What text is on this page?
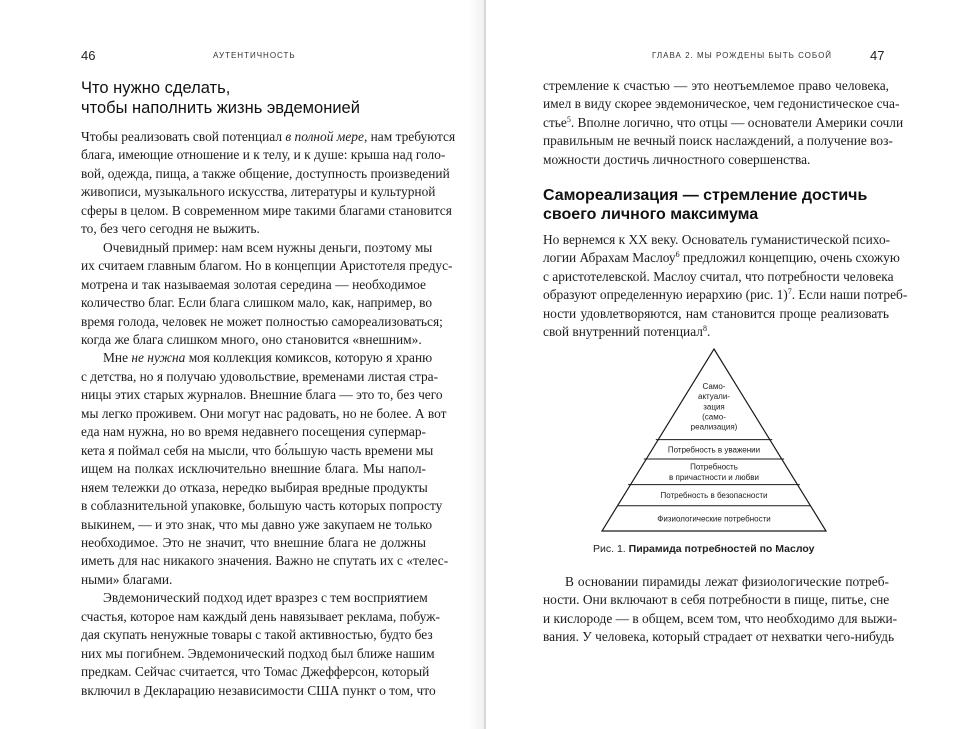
46	АУТЕНТИЧНОСТЬ
Что нужно сделать,
чтобы наполнить жизнь эвдемонией
Чтобы реализовать свой потенциал в полной мере, нам требуются
блага, имеющие отношение и к телу, и к душе: крыша над голо-
вой, одежда, пища, а также общение, доступность произведений
живописи, музыкального искусства, литературы и культурной
сферы в целом. В современном мире такими благами становится
то, без чего сегодня не выжить.
Очевидный пример: нам всем нужны деньги, поэтому мы
их считаем главным благом. Но в концепции Аристотеля предус-
мотрена и так называемая золотая середина — необходимое
количество благ. Если блага слишком мало, как, например, во
время голода, человек не может полностью самореализоваться;
когда же блага слишком много, оно становится «внешним».
Мне не нужна моя коллекция комиксов, которую я храню
с детства, но я получаю удовольствие, временами листая стра-
ницы этих старых журналов. Внешние блага — это то, без чего
мы легко проживем. Они могут нас радовать, но не более. А вот
еда нам нужна, но во время недавнего посещения супермар-
кета я поймал себя на мысли, что бо́льшую часть времени мы
ищем на полках исключительно внешние блага. Мы напол-
няем тележки до отказа, нередко выбирая вредные продукты
в соблазнительной упаковке, большую часть которых попросту
выкинем, — и это знак, что мы давно уже закупаем не только
необходимое. Это не значит, что внешние блага не должны
иметь для нас никакого значения. Важно не спутать их с «телес-
ными» благами.
Эвдемонический подход идет вразрез с тем восприятием
счастья, которое нам каждый день навязывает реклама, побуж-
дая скупать ненужные товары с такой активностью, будто без
них мы погибнем. Эвдемонический подход был ближе нашим
предкам. Сейчас считается, что Томас Джефферсон, который
включил в Декларацию независимости США пункт о том, что
ГЛАВА 2. МЫ РОЖДЕНЫ БЫТЬ СОБОЙ	47
стремление к счастью — это неотъемлемое право человека,
имел в виду скорее эвдемоническое, чем гедонистическое сча-
стье$^5$. Вполне логично, что отцы — основатели Америки сочли
правильным не вечный поиск наслаждений, а получение воз-
можности достичь личностного совершенства.
Самореализация — стремление достичь
своего личного максимума
Но вернемся к XX веку. Основатель гуманистической психо-
логии Абрахам Маслоу$^6$ предложил концепцию, очень схожую
с аристотелевской. Маслоу считал, что потребности человека
образуют определенную иерархию (рис. 1)$^7$. Если наши потреб-
ности удовлетворяются, нам становится проще реализовать
свой внутренний потенциал$^8$.
Само-
актуали-
зация
(само-
реализация)
Потребность в уважении
Потребность
в причастности и любви
Потребность в безопасности
Физиологические потребности
Рис. 1. Пирамида потребностей по Маслоу
В основании пирамиды лежат физиологические потреб-
ности. Они включают в себя потребности в пище, питье, сне
и кислороде — в общем, всем том, что необходимо для выжи-
вания. У человека, который страдает от нехватки чего-нибудь
